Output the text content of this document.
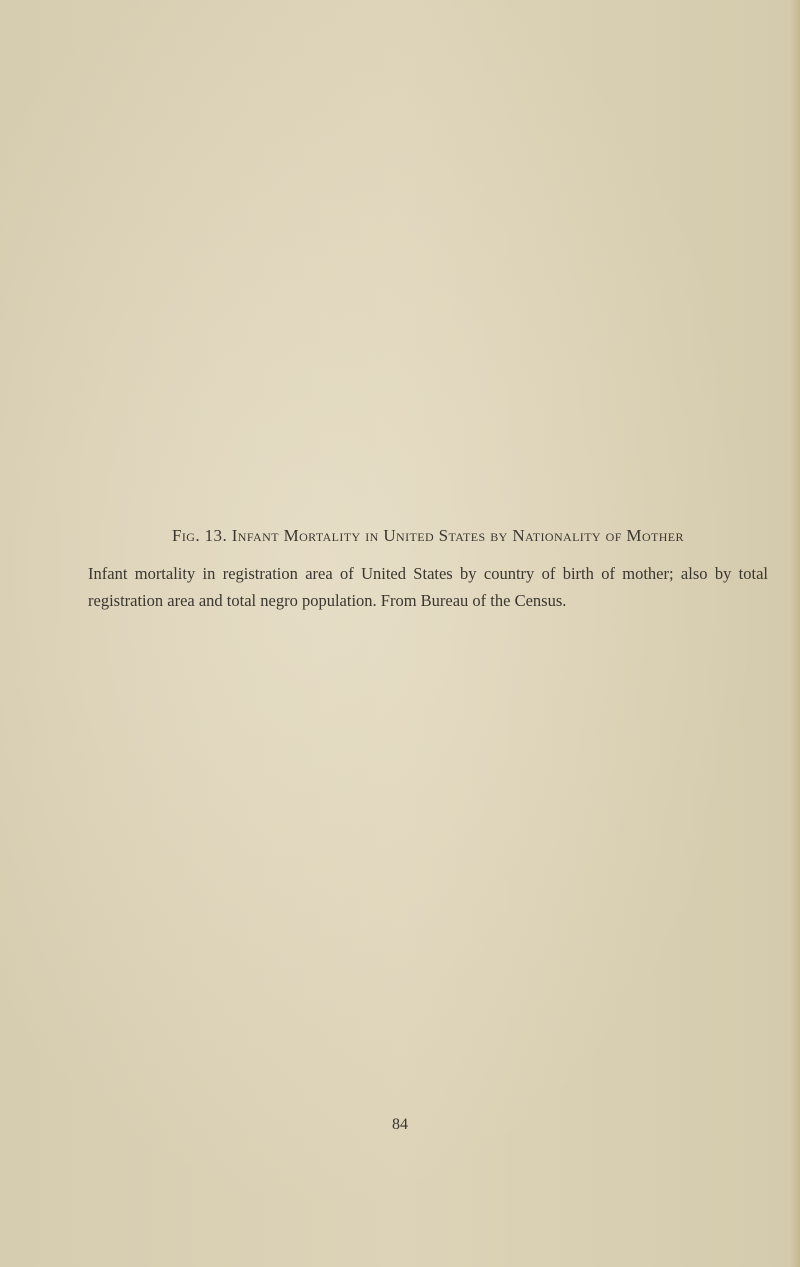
Fig. 13. Infant Mortality in United States by Nationality of Mother

Infant mortality in registration area of United States by country of birth of mother; also by total registration area and total negro population. From Bureau of the Census.

84
